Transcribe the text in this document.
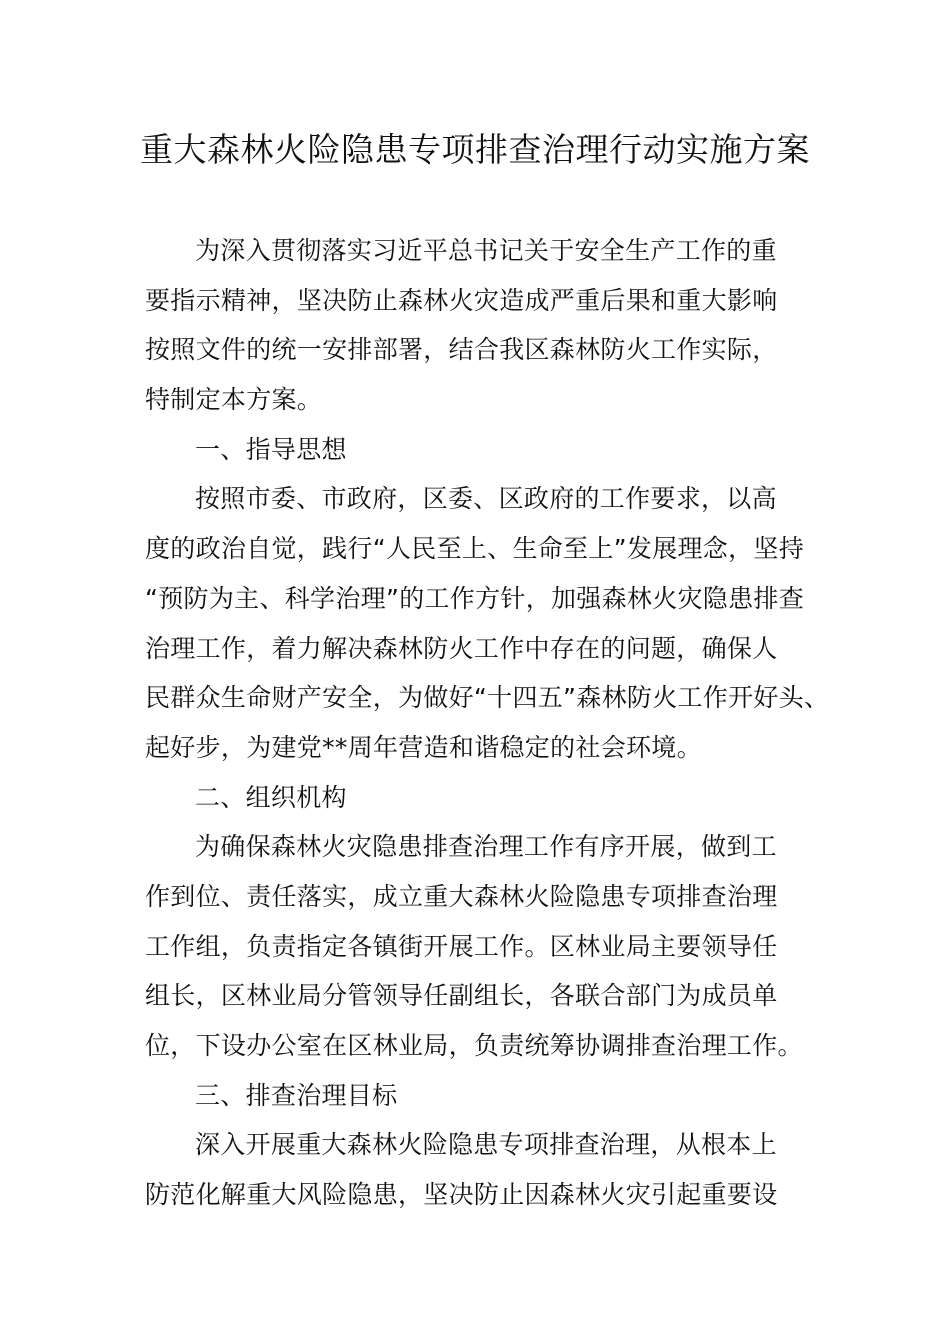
重大森林火险隐患专项排查治理行动实施方案
为深入贯彻落实习近平总书记关于安全生产工作的重
要指示精神，坚决防止森林火灾造成严重后果和重大影响
按照文件的统一安排部署，结合我区森林防火工作实际，
特制定本方案。
一、指导思想
按照市委、市政府，区委、区政府的工作要求，以高
度的政治自觉，践行“人民至上、生命至上”发展理念，坚持
“预防为主、科学治理”的工作方针，加强森林火灾隐患排查
治理工作，着力解决森林防火工作中存在的问题，确保人
民群众生命财产安全，为做好“十四五”森林防火工作开好头、
起好步，为建党**周年营造和谐稳定的社会环境。
二、组织机构
为确保森林火灾隐患排查治理工作有序开展，做到工
作到位、责任落实，成立重大森林火险隐患专项排查治理
工作组，负责指定各镇街开展工作。区林业局主要领导任
组长，区林业局分管领导任副组长，各联合部门为成员单
位，下设办公室在区林业局，负责统筹协调排查治理工作。
三、排查治理目标
深入开展重大森林火险隐患专项排查治理，从根本上
防范化解重大风险隐患，坚决防止因森林火灾引起重要设
